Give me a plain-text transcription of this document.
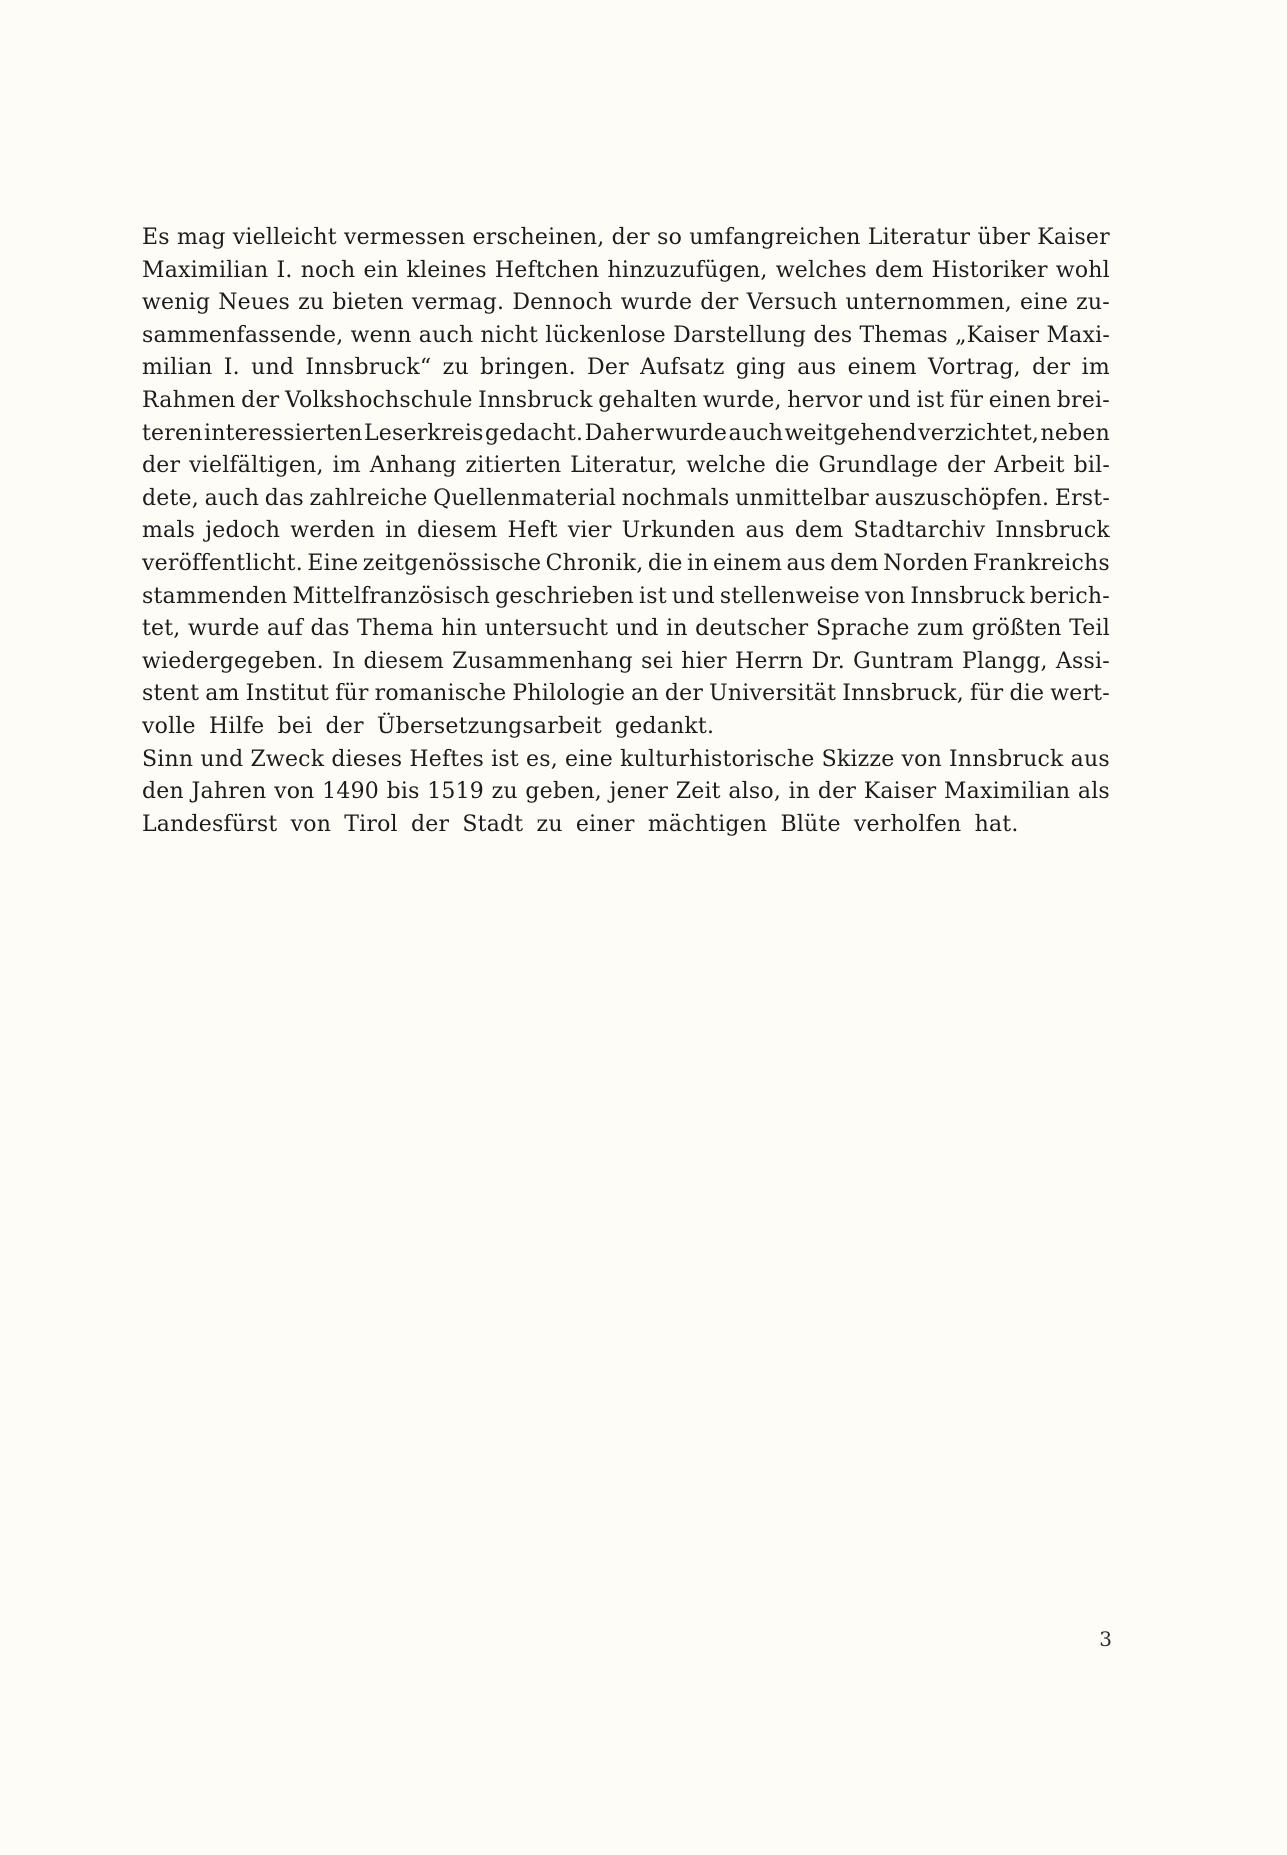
Es mag vielleicht vermessen erscheinen, der so umfangreichen Literatur über Kaiser
Maximilian I. noch ein kleines Heftchen hinzuzufügen, welches dem Historiker wohl
wenig Neues zu bieten vermag. Dennoch wurde der Versuch unternommen, eine zu-
sammenfassende, wenn auch nicht lückenlose Darstellung des Themas „Kaiser Maxi-
milian I. und Innsbruck“ zu bringen. Der Aufsatz ging aus einem Vortrag, der im
Rahmen der Volkshochschule Innsbruck gehalten wurde, hervor und ist für einen brei-
teren interessierten Leserkreis gedacht. Daher wurde auch weitgehend verzichtet, neben
der vielfältigen, im Anhang zitierten Literatur, welche die Grundlage der Arbeit bil-
dete, auch das zahlreiche Quellenmaterial nochmals unmittelbar auszuschöpfen. Erst-
mals jedoch werden in diesem Heft vier Urkunden aus dem Stadtarchiv Innsbruck
veröffentlicht. Eine zeitgenössische Chronik, die in einem aus dem Norden Frankreichs
stammenden Mittelfranzösisch geschrieben ist und stellenweise von Innsbruck berich-
tet, wurde auf das Thema hin untersucht und in deutscher Sprache zum größten Teil
wiedergegeben. In diesem Zusammenhang sei hier Herrn Dr. Guntram Plangg, Assi-
stent am Institut für romanische Philologie an der Universität Innsbruck, für die wert-
volle Hilfe bei der Übersetzungsarbeit gedankt.
Sinn und Zweck dieses Heftes ist es, eine kulturhistorische Skizze von Innsbruck aus
den Jahren von 1490 bis 1519 zu geben, jener Zeit also, in der Kaiser Maximilian als
Landesfürst von Tirol der Stadt zu einer mächtigen Blüte verholfen hat.
3
